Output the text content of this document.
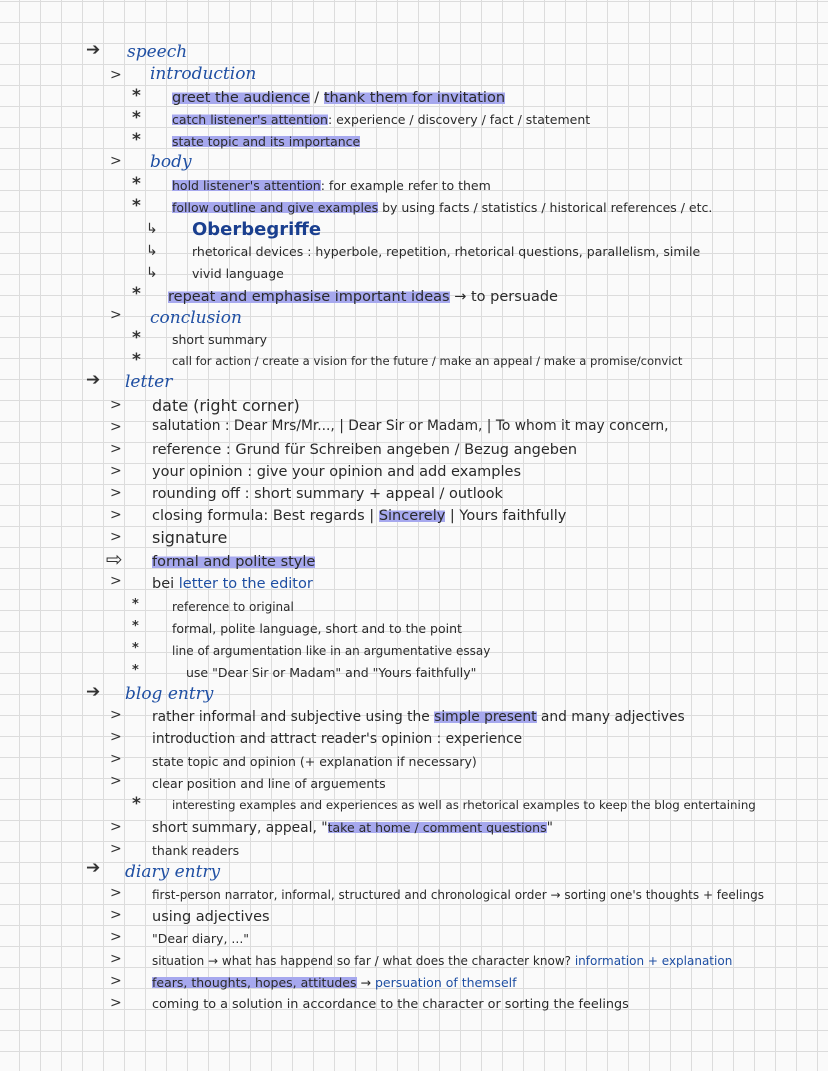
➔ speech
> introduction
* greet the audience / thank them for invitation
* catch listener's attention: experience / discovery / fact / statement
* state topic and its importance
> body
* hold listener's attention: for example refer to them
* follow outline and give examples by using facts / statistics / historical references / etc.
↳ Oberbegriffe
↳	rhetorical devices : hyperbole, repetition, rhetorical questions, parallelism, simile
↳	vivid language
* repeat and emphasise important ideas → to persuade
> conclusion
* short summary
*	call for action / create a vision for the future / make an appeal / make a promise/convict
➔ letter
> date (right corner)
> salutation : Dear Mrs/Mr..., | Dear Sir or Madam, | To whom it may concern,
> reference : Grund für Schreiben angeben / Bezug angeben
> your opinion : give your opinion and add examples
> rounding off : short summary + appeal / outlook
> closing formula: Best regards | Sincerely | Yours faithfully
> signature
⇨ formal and polite style
> bei letter to the editor
*	reference to original
*	formal, polite language, short and to the point
*	line of argumentation like in an argumentative essay
*	use "Dear Sir or Madam" and "Yours faithfully"
➔ blog entry
> rather informal and subjective using the simple present and many adjectives
> introduction and attract reader's opinion : experience
> state topic and opinion (+ explanation if necessary)
> clear position and line of arguements
*	interesting examples and experiences as well as rhetorical examples to keep the blog entertaining
> short summary, appeal, "take at home / comment questions"
> thank readers
➔ diary entry
>	first-person narrator, informal, structured and chronological order → sorting one's thoughts + feelings
> using adjectives
> "Dear diary, ..."
>	situation → what has happend so far / what does the character know? information + explanation
> fears, thoughts, hopes, attitudes → persuation of themself
> coming to a solution in accordance to the character or sorting the feelings
